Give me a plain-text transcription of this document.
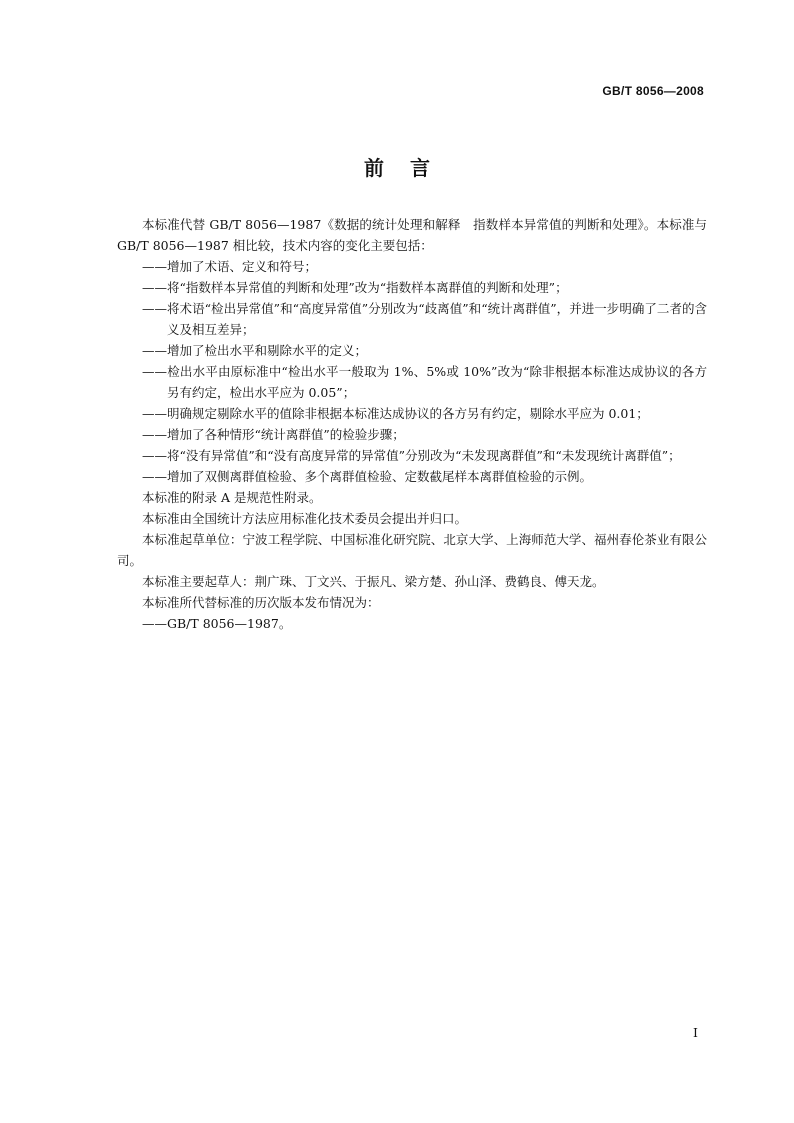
GB/T 8056—2008
前言

本标准代替 GB/T 8056—1987《数据的统计处理和解释　指数样本异常值的判断和处理》。本标准与 GB/T 8056—1987 相比较，技术内容的变化主要包括：

——增加了术语、定义和符号；

——将“指数样本异常值的判断和处理”改为“指数样本离群值的判断和处理”；

——将术语“检出异常值”和“高度异常值”分别改为“歧离值”和“统计离群值”，并进一步明确了二者的含义及相互差异；

——增加了检出水平和剔除水平的定义；

——检出水平由原标准中“检出水平一般取为 1%、5%或 10%”改为“除非根据本标准达成协议的各方另有约定，检出水平应为 0.05”；

——明确规定剔除水平的值除非根据本标准达成协议的各方另有约定，剔除水平应为 0.01；

——增加了各种情形“统计离群值”的检验步骤；

——将“没有异常值”和“没有高度异常的异常值”分别改为“未发现离群值”和“未发现统计离群值”；

——增加了双侧离群值检验、多个离群值检验、定数截尾样本离群值检验的示例。

本标准的附录 A 是规范性附录。

本标准由全国统计方法应用标准化技术委员会提出并归口。

本标准起草单位：宁波工程学院、中国标准化研究院、北京大学、上海师范大学、福州春伦茶业有限公司。

本标准主要起草人：荆广珠、丁文兴、于振凡、梁方楚、孙山泽、费鹤良、傅天龙。

本标准所代替标准的历次版本发布情况为：

——GB/T 8056—1987。

I
